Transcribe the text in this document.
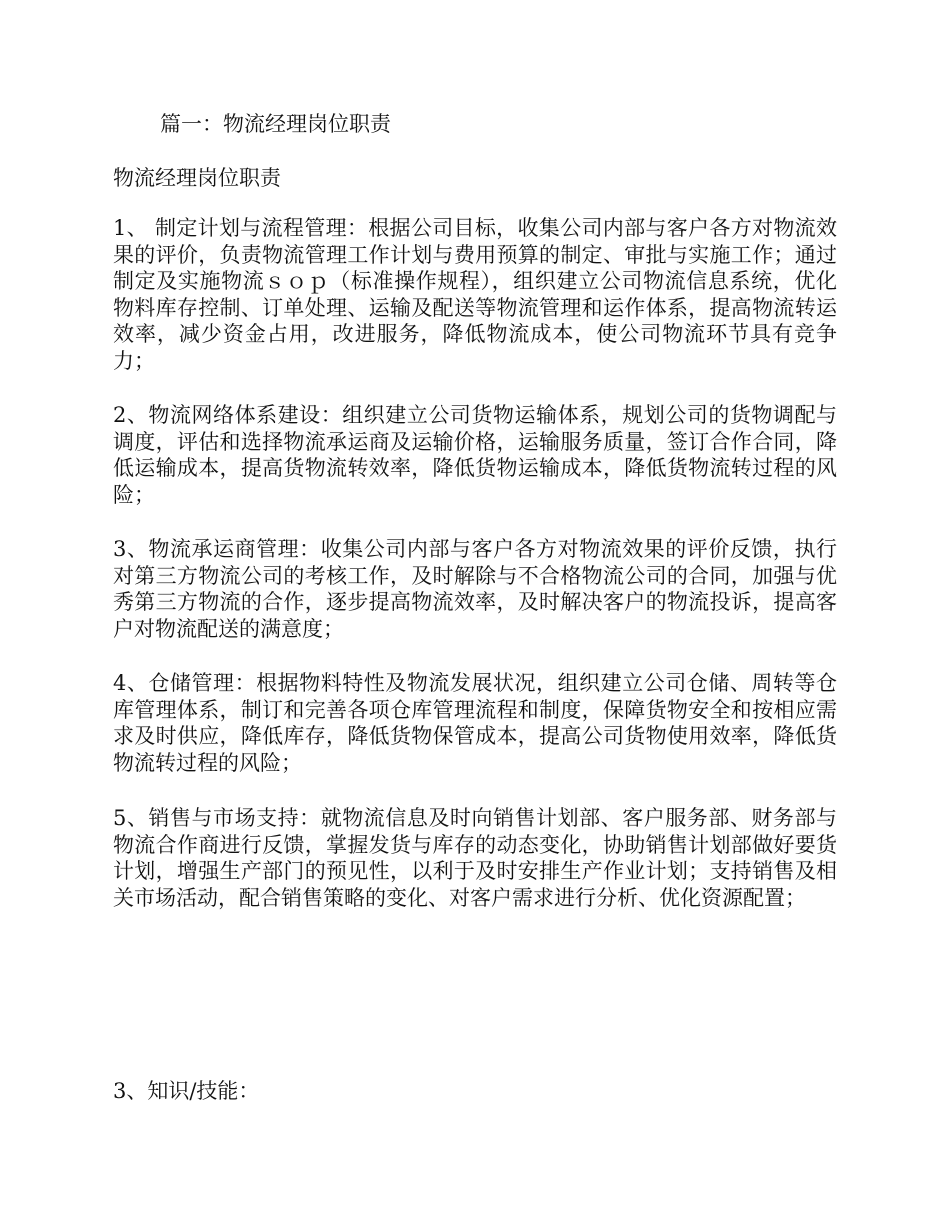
篇一：物流经理岗位职责
物流经理岗位职责
1、 制定计划与流程管理：根据公司目标，收集公司内部与客户各方对物流效果的评价，负责物流管理工作计划与费用预算的制定、审批与实施工作；通过制定及实施物流ｓｏｐ（标准操作规程），组织建立公司物流信息系统，优化物料库存控制、订单处理、运输及配送等物流管理和运作体系，提高物流转运效率，减少资金占用，改进服务，降低物流成本，使公司物流环节具有竞争力；
2、物流网络体系建设：组织建立公司货物运输体系，规划公司的货物调配与调度，评估和选择物流承运商及运输价格，运输服务质量，签订合作合同，降低运输成本，提高货物流转效率，降低货物运输成本，降低货物流转过程的风险；
3、物流承运商管理：收集公司内部与客户各方对物流效果的评价反馈，执行对第三方物流公司的考核工作，及时解除与不合格物流公司的合同，加强与优秀第三方物流的合作，逐步提高物流效率，及时解决客户的物流投诉，提高客户对物流配送的满意度；
4、仓储管理：根据物料特性及物流发展状况，组织建立公司仓储、周转等仓库管理体系，制订和完善各项仓库管理流程和制度，保障货物安全和按相应需求及时供应，降低库存，降低货物保管成本，提高公司货物使用效率，降低货物流转过程的风险；
5、销售与市场支持：就物流信息及时向销售计划部、客户服务部、财务部与物流合作商进行反馈，掌握发货与库存的动态变化，协助销售计划部做好要货计划，增强生产部门的预见性，以利于及时安排生产作业计划；支持销售及相关市场活动，配合销售策略的变化、对客户需求进行分析、优化资源配置；
3、知识/技能：
